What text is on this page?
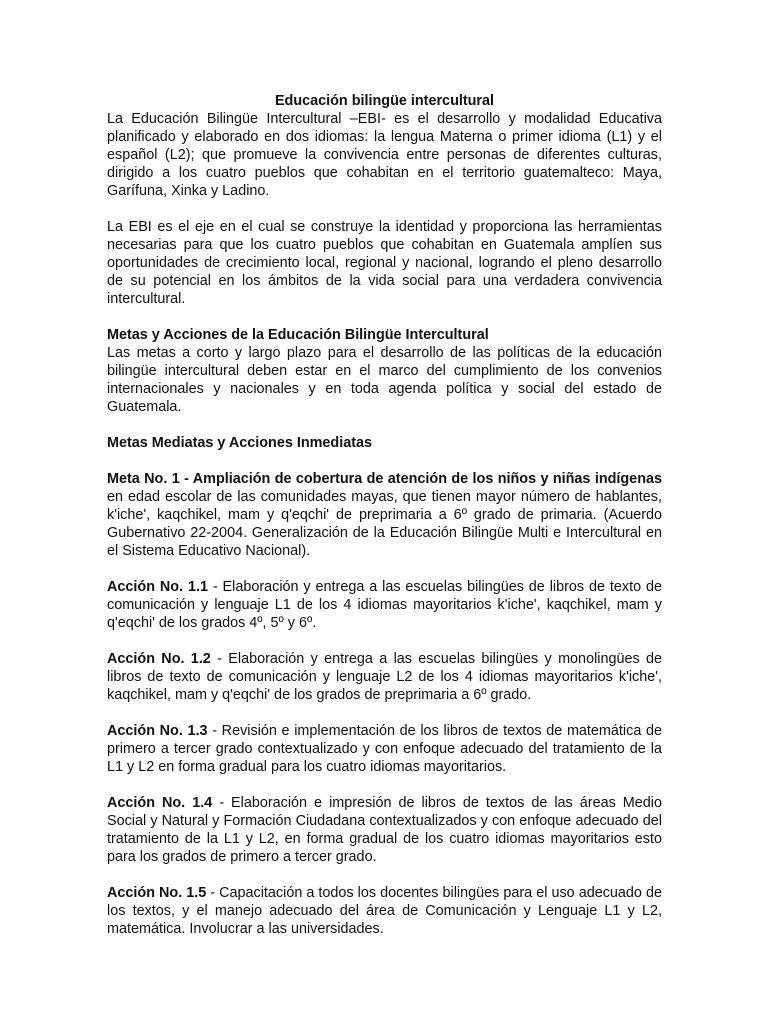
Educación bilingüe intercultural

La Educación Bilingüe Intercultural –EBI- es el desarrollo y modalidad Educativa planificado y elaborado en dos idiomas: la lengua Materna o primer idioma (L1) y el español (L2); que promueve la convivencia entre personas de diferentes culturas, dirigido a los cuatro pueblos que cohabitan en el territorio guatemalteco: Maya, Garífuna, Xinka y Ladino.

La EBI es el eje en el cual se construye la identidad y proporciona las herramientas necesarias para que los cuatro pueblos que cohabitan en Guatemala amplíen sus oportunidades de crecimiento local, regional y nacional, logrando el pleno desarrollo de su potencial en los ámbitos de la vida social para una verdadera convivencia intercultural.

Metas y Acciones de la Educación Bilingüe Intercultural

Las metas a corto y largo plazo para el desarrollo de las políticas de la educación bilingüe intercultural deben estar en el marco del cumplimiento de los convenios internacionales y nacionales y en toda agenda política y social del estado de Guatemala.

Metas Mediatas y Acciones Inmediatas

Meta No. 1 - Ampliación de cobertura de atención de los niños y niñas indígenas en edad escolar de las comunidades mayas, que tienen mayor número de hablantes, k'iche', kaqchikel, mam y q'eqchi' de preprimaria a 6º grado de primaria. (Acuerdo Gubernativo 22-2004. Generalización de la Educación Bilingüe Multi e Intercultural en el Sistema Educativo Nacional).

Acción No. 1.1 - Elaboración y entrega a las escuelas bilingües de libros de texto de comunicación y lenguaje L1 de los 4 idiomas mayoritarios k'iche', kaqchikel, mam y q'eqchi' de los grados 4º, 5º y 6º.

Acción No. 1.2 - Elaboración y entrega a las escuelas bilingües y monolingües de libros de texto de comunicación y lenguaje L2 de los 4 idiomas mayoritarios k'iche', kaqchikel, mam y q'eqchi' de los grados de preprimaria a 6º grado.

Acción No. 1.3 - Revisión e implementación de los libros de textos de matemática de primero a tercer grado contextualizado y con enfoque adecuado del tratamiento de la L1 y L2 en forma gradual para los cuatro idiomas mayoritarios.

Acción No. 1.4 - Elaboración e impresión de libros de textos de las áreas Medio Social y Natural y Formación Ciudadana contextualizados y con enfoque adecuado del tratamiento de la L1 y L2, en forma gradual de los cuatro idiomas mayoritarios esto para los grados de primero a tercer grado.

Acción No. 1.5 - Capacitación a todos los docentes bilingües para el uso adecuado de los textos, y el manejo adecuado del área de Comunicación y Lenguaje L1 y L2, matemática. Involucrar a las universidades.
